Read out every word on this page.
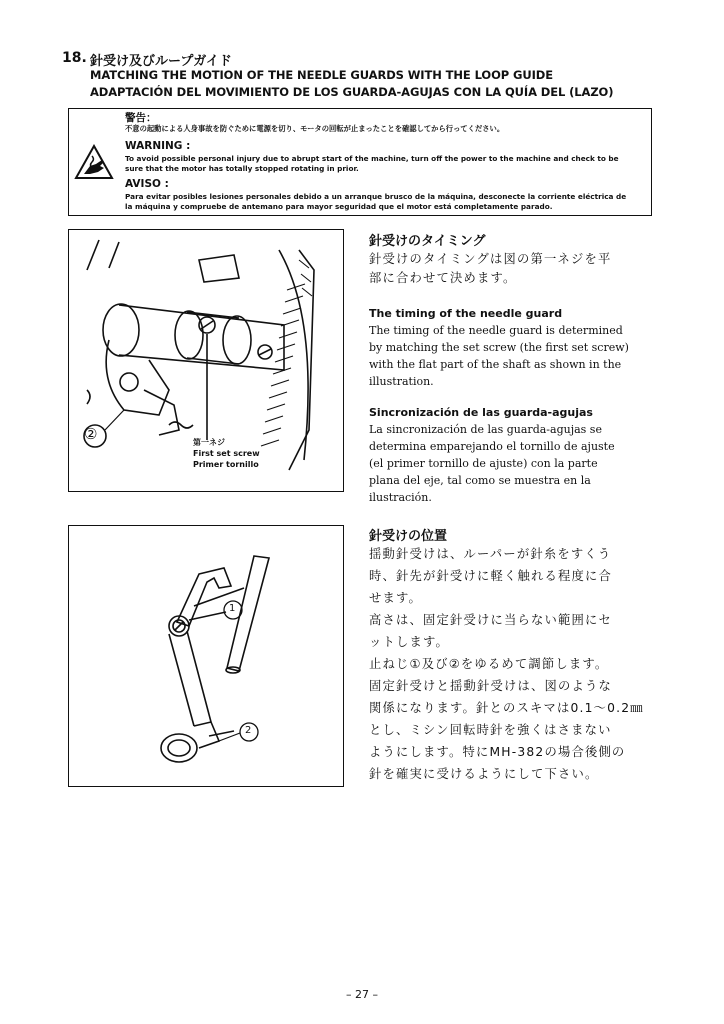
18. 針受け及びループガイド
MATCHING THE MOTION OF THE NEEDLE GUARDS WITH THE LOOP GUIDE
ADAPTACIÓN DEL MOVIMIENTO DE LOS GUARDA-AGUJAS CON LA QUÍA DEL (LAZO)
警告：
不意の起動による人身事故を防ぐために電源を切り、モータの回転が止まったことを確認してから行ってください。
WARNING :
To avoid possible personal injury due to abrupt start of the machine, turn off the power to the machine and check to be
sure that the motor has totally stopped rotating in prior.
AVISO :
Para evitar posibles lesiones personales debido a un arranque brusco de la máquina, desconecte la corriente eléctrica de
la máquina y compruebe de antemano para mayor seguridad que el motor está completamente parado.
②	第一ネジ
First set screw
Primer tornillo
針受けのタイミング
針受けのタイミングは図の第一ネジを平
部に合わせて決めます。
The timing of the needle guard
The timing of the needle guard is determined
by matching the set screw (the first set screw)
with the flat part of the shaft as shown in the
illustration.
Sincronización de las guarda-agujas
La sincronización de las guarda-agujas se
determina emparejando el tornillo de ajuste
(el primer tornillo de ajuste) con la parte
plana del eje, tal como se muestra en la
ilustración.
1
2
針受けの位置
揺動針受けは、ルーパーが針糸をすくう
時、針先が針受けに軽く触れる程度に合
せます。
高さは、固定針受けに当らない範囲にセ
ットします。
止ねじ①及び②をゆるめて調節します。
固定針受けと揺動針受けは、図のような
関係になります。針とのスキマは0.1～0.2㎜
とし、ミシン回転時針を強くはさまない
ようにします。特にMH-382の場合後側の
針を確実に受けるようにして下さい。
– 27 –
